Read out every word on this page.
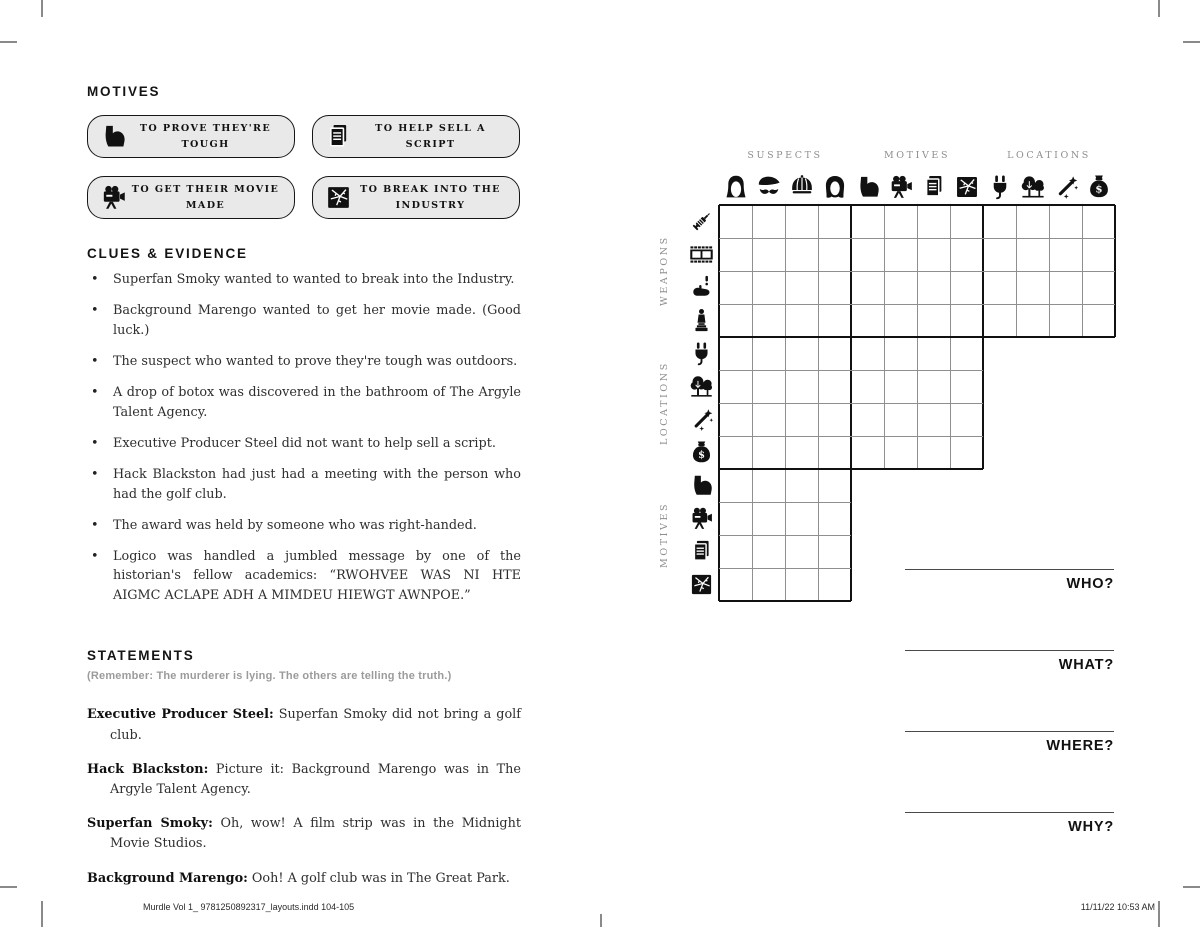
MOTIVES
TO PROVE THEY'RE TOUGH
TO HELP SELL A SCRIPT
TO GET THEIR MOVIE MADE
TO BREAK INTO THE INDUSTRY
CLUES & EVIDENCE
• Superfan Smoky wanted to wanted to break into the Industry.
• Background Marengo wanted to get her movie made. (Good luck.)
• The suspect who wanted to prove they're tough was outdoors.
• A drop of botox was discovered in the bathroom of The Argyle Talent Agency.
• Executive Producer Steel did not want to help sell a script.
• Hack Blackston had just had a meeting with the person who had the golf club.
• The award was held by someone who was right-handed.
• Logico was handled a jumbled message by one of the historian's fellow academics: “RWOHVEE WAS NI HTE AIGMC ACLAPE ADH A MIMDEU HIEWGT AWNPOE.”
STATEMENTS
(Remember: The murderer is lying. The others are telling the truth.)

Executive Producer Steel: Superfan Smoky did not bring a golf club.

Hack Blackston: Picture it: Background Marengo was in The Argyle Talent Agency.

Superfan Smoky: Oh, wow! A film strip was in the Midnight Movie Studios.

Background Marengo: Ooh! A golf club was in The Great Park.

SUSPECTS	MOTIVES	LOCATIONS
WEAPONS
LOCATIONS
MOTIVES
WHO?
WHAT?
WHERE?
WHY?
Murdle Vol 1_ 9781250892317_layouts.indd 104-105	11/11/22 10:53 AM
